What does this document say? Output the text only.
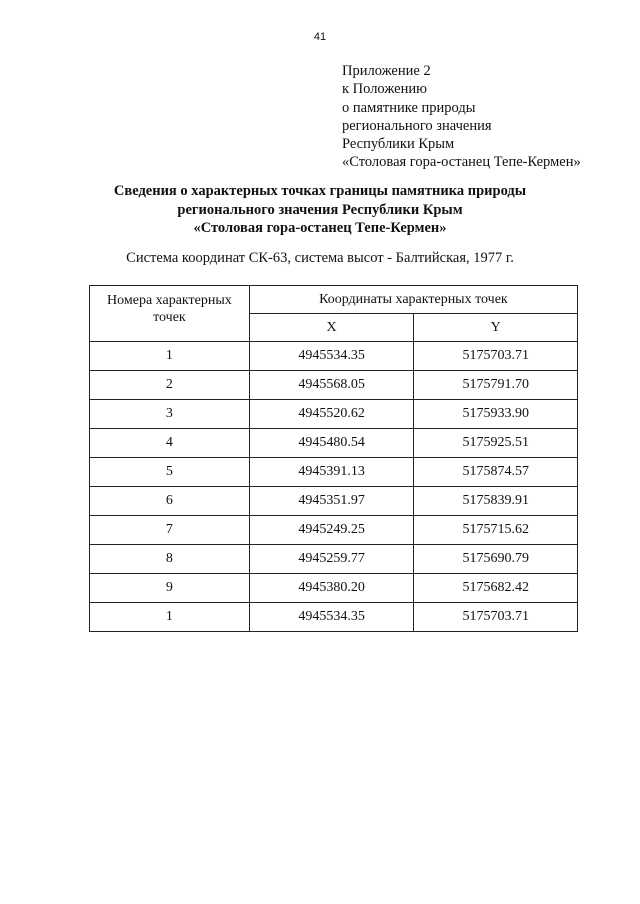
41
Приложение 2
к Положению
о памятнике природы
регионального значения
Республики Крым
«Столовая гора-останец Тепе-Кермен»
Сведения о характерных точках границы памятника природы
регионального значения Республики Крым
«Столовая гора-останец Тепе-Кермен»
Система координат СК-63, система высот - Балтийская, 1977 г.
Номера характерных точек	Координаты характерных точек	
	X	Y
1	4945534.35	5175703.71
2	4945568.05	5175791.70
3	4945520.62	5175933.90
4	4945480.54	5175925.51
5	4945391.13	5175874.57
6	4945351.97	5175839.91
7	4945249.25	5175715.62
8	4945259.77	5175690.79
9	4945380.20	5175682.42
1	4945534.35	5175703.71
